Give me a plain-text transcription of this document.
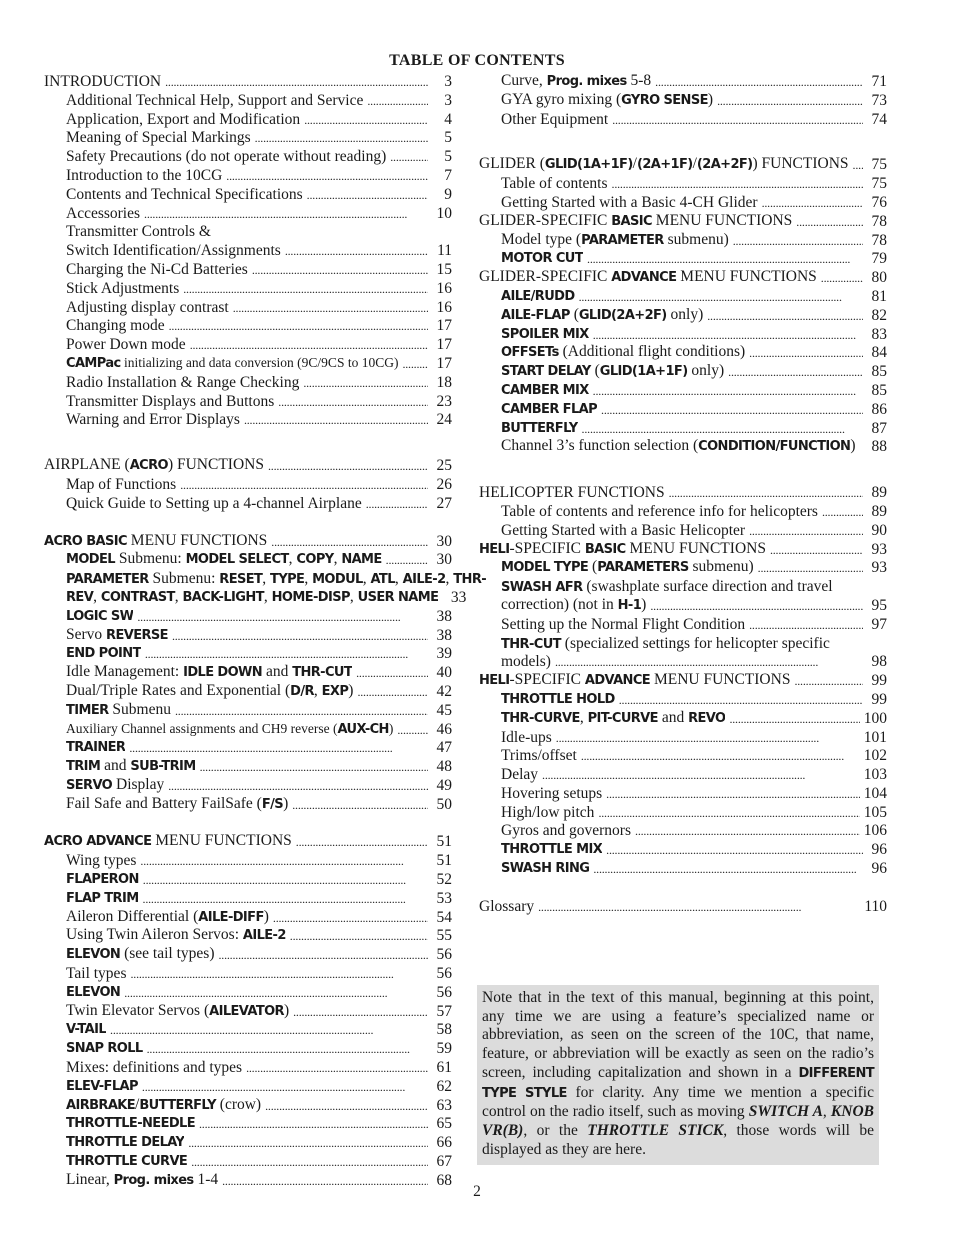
TABLE OF CONTENTS
INTRODUCTION . . .	3
Additional Technical Help, Support and Service . . .	3
Application, Export and Modification . . .	4
Meaning of Special Markings . . .	5
Safety Precautions (do not operate without reading) . . .	5
Introduction to the 10CG . . .	7
Contents and Technical Specifications . . .	9
Accessories . . .	10
Transmitter Controls &
Switch Identification/Assignments . . .	11
Charging the Ni-Cd Batteries . . .	15
Stick Adjustments . . .	16
Adjusting display contrast . . .	16
Changing mode . . .	17
Power Down mode . . .	17
CAMPac initializing and data conversion (9C/9CS to 10CG) . . . 17
Radio Installation & Range Checking . . .	18
Transmitter Displays and Buttons . . .	23
Warning and Error Displays . . .	24
AIRPLANE (ACRO) FUNCTIONS . . .	25
Map of Functions . . .	26
Quick Guide to Setting up a 4-channel Airplane . . .	27
ACRO BASIC MENU FUNCTIONS . . .	30
MODEL Submenu: MODEL SELECT, COPY, NAME . . .	30
PARAMETER Submenu: RESET, TYPE, MODUL, ATL, AILE-2, THR-
REV, CONTRAST, BACK-LIGHT, HOME-DISP, USER NAME 33
LOGIC SW . . .	38
Servo REVERSE . . .	38
END POINT . . .	39
Idle Management: IDLE DOWN and THR-CUT . . .	40
Dual/Triple Rates and Exponential (D/R, EXP) . . .	42
TIMER Submenu . . .	45
Auxiliary Channel assignments and CH9 reverse (AUX-CH) . . .	46
TRAINER . . .	47
TRIM and SUB-TRIM . . .	48
SERVO Display . . .	49
Fail Safe and Battery FailSafe (F/S) . . .	50
ACRO ADVANCE MENU FUNCTIONS . . .	51
Wing types . . .	51
FLAPERON . . .	52
FLAP TRIM . . .	53
Aileron Differential (AILE-DIFF) . . .	54
Using Twin Aileron Servos: AILE-2 . . .	55
ELEVON (see tail types) . . .	56
Tail types . . .	56
ELEVON . . .	56
Twin Elevator Servos (AILEVATOR) . . .	57
V-TAIL . . .	58
SNAP ROLL . . .	59
Mixes: definitions and types . . .	61
ELEV-FLAP . . .	62
AIRBRAKE/BUTTERFLY (crow) . . .	63
THROTTLE-NEEDLE . . .	65
THROTTLE DELAY . . .	66
THROTTLE CURVE . . .	67
Linear, Prog. mixes 1-4 . . .	68
Curve, Prog. mixes 5-8 . . .	71
GYA gyro mixing (GYRO SENSE) . . .	73
Other Equipment . . .	74
GLIDER (GLID(1A+1F)/(2A+1F)/(2A+2F)) FUNCTIONS . . . 75
Table of contents . . .	75
Getting Started with a Basic 4-CH Glider . . .	76
GLIDER-SPECIFIC BASIC MENU FUNCTIONS . . .	78
Model type (PARAMETER submenu) . . .	78
MOTOR CUT . . .	79
GLIDER-SPECIFIC ADVANCE MENU FUNCTIONS . . .	80
AILE/RUDD . . .	81
AILE-FLAP (GLID(2A+2F) only) . . .	82
SPOILER MIX . . .	83
OFFSETs (Additional flight conditions) . . .	84
START DELAY (GLID(1A+1F) only) . . .	85
CAMBER MIX . . .	85
CAMBER FLAP . . .	86
BUTTERFLY . . .	87
Channel 3’s function selection (CONDITION/FUNCTION) 88
HELICOPTER FUNCTIONS . . .	89
Table of contents and reference info for helicopters . . .	89
Getting Started with a Basic Helicopter . . .	90
HELI-SPECIFIC BASIC MENU FUNCTIONS . . .	93
MODEL TYPE (PARAMETERS submenu) . . .	93
SWASH AFR (swashplate surface direction and travel
correction) (not in H-1) . . .	95
Setting up the Normal Flight Condition . . .	97
THR-CUT (specialized settings for helicopter specific
models) . . .	98
HELI-SPECIFIC ADVANCE MENU FUNCTIONS . . .	99
THROTTLE HOLD . . .	99
THR-CURVE, PIT-CURVE and REVO . . .	100
Idle-ups . . .	101
Trims/offset . . .	102
Delay . . .	103
Hovering setups . . .	104
High/low pitch . . .	105
Gyros and governors . . .	106
THROTTLE MIX . . .	96
SWASH RING . . .	96
Glossary . . .	110
Note that in the text of this manual, beginning at this point, any time we are using a feature’s specialized name or abbreviation, as seen on the screen of the 10C, that name, feature, or abbreviation will be exactly as seen on the radio’s screen, including capitalization and shown in a DIFFERENT TYPE STYLE for clarity. Any time we mention a specific control on the radio itself, such as moving SWITCH A, KNOB VR(B), or the THROTTLE STICK, those words will be displayed as they are here.
2
